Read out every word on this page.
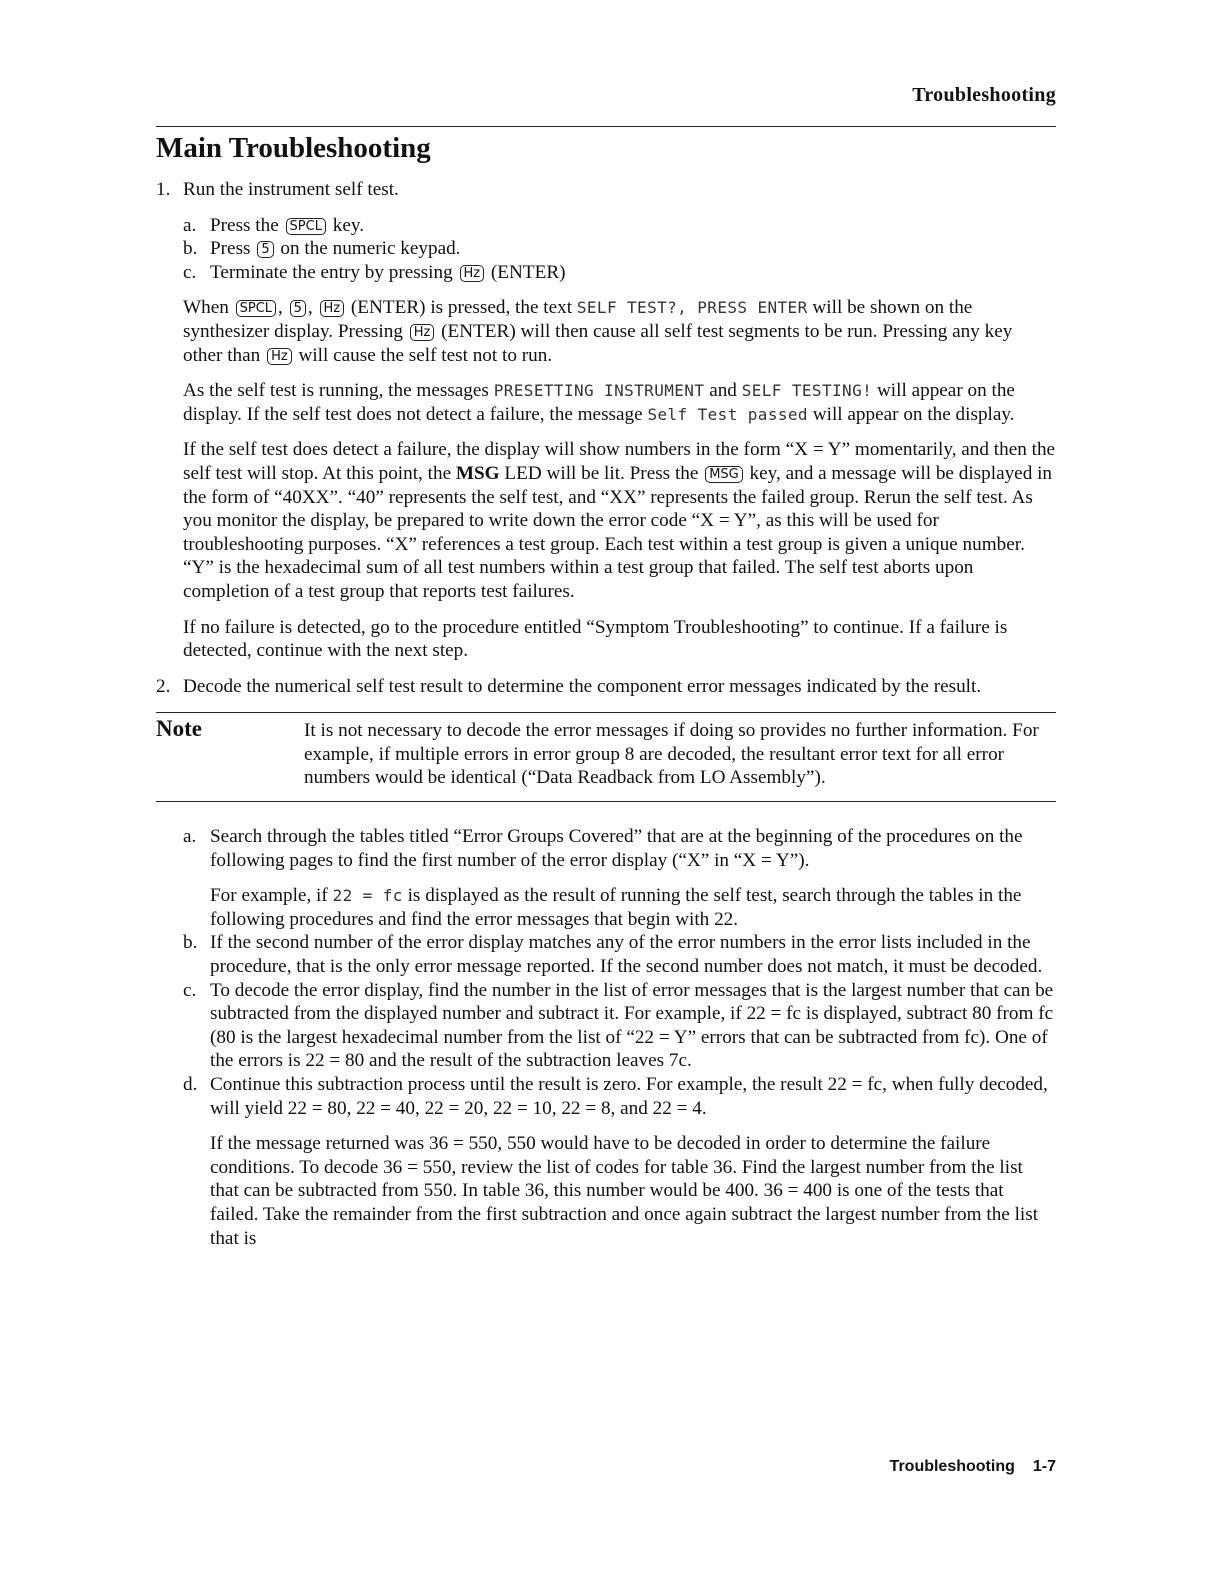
Troubleshooting
Main Troubleshooting

1. Run the instrument self test.

a. Press the SPCL key.

b. Press 5 on the numeric keypad.

c. Terminate the entry by pressing Hz (ENTER)

When SPCL , 5 , Hz (ENTER) is pressed, the text SELF TEST?, PRESS ENTER will be shown on the synthesizer display. Pressing Hz (ENTER) will then cause all self test segments to be run. Pressing any key other than Hz will cause the self test not to run.

As the self test is running, the messages PRESETTING INSTRUMENT and SELF TESTING! will appear on the display. If the self test does not detect a failure, the message Self Test passed will appear on the display.

If the self test does detect a failure, the display will show numbers in the form “X = Y” momentarily, and then the self test will stop. At this point, the MSG LED will be lit. Press the MSG key, and a message will be displayed in the form of “40XX”. “40” represents the self test, and “XX” represents the failed group. Rerun the self test. As you monitor the display, be prepared to write down the error code “X = Y”, as this will be used for troubleshooting purposes. “X” references a test group. Each test within a test group is given a unique number. “Y” is the hexadecimal sum of all test numbers within a test group that failed. The self test aborts upon completion of a test group that reports test failures.

If no failure is detected, go to the procedure entitled “Symptom Troubleshooting” to continue. If a failure is detected, continue with the next step.

2. Decode the numerical self test result to determine the component error messages indicated by the result.

Note	It is not necessary to decode the error messages if doing so provides no further information. For example, if multiple errors in error group 8 are decoded, the resultant error text for all error numbers would be identical (“Data Readback from LO Assembly”).

a. Search through the tables titled “Error Groups Covered” that are at the beginning of the procedures on the following pages to find the first number of the error display (“X” in “X = Y”).

For example, if 22 = fc is displayed as the result of running the self test, search through the tables in the following procedures and find the error messages that begin with 22.

b. If the second number of the error display matches any of the error numbers in the error lists included in the procedure, that is the only error message reported. If the second number does not match, it must be decoded.

c. To decode the error display, find the number in the list of error messages that is the largest number that can be subtracted from the displayed number and subtract it. For example, if 22 = fc is displayed, subtract 80 from fc (80 is the largest hexadecimal number from the list of “22 = Y” errors that can be subtracted from fc). One of the errors is 22 = 80 and the result of the subtraction leaves 7c.

d. Continue this subtraction process until the result is zero. For example, the result 22 = fc, when fully decoded, will yield 22 = 80, 22 = 40, 22 = 20, 22 = 10, 22 = 8, and 22 = 4.

If the message returned was 36 = 550, 550 would have to be decoded in order to determine the failure conditions. To decode 36 = 550, review the list of codes for table 36. Find the largest number from the list that can be subtracted from 550. In table 36, this number would be 400. 36 = 400 is one of the tests that failed. Take the remainder from the first subtraction and once again subtract the largest number from the list that is

Troubleshooting 1-7
